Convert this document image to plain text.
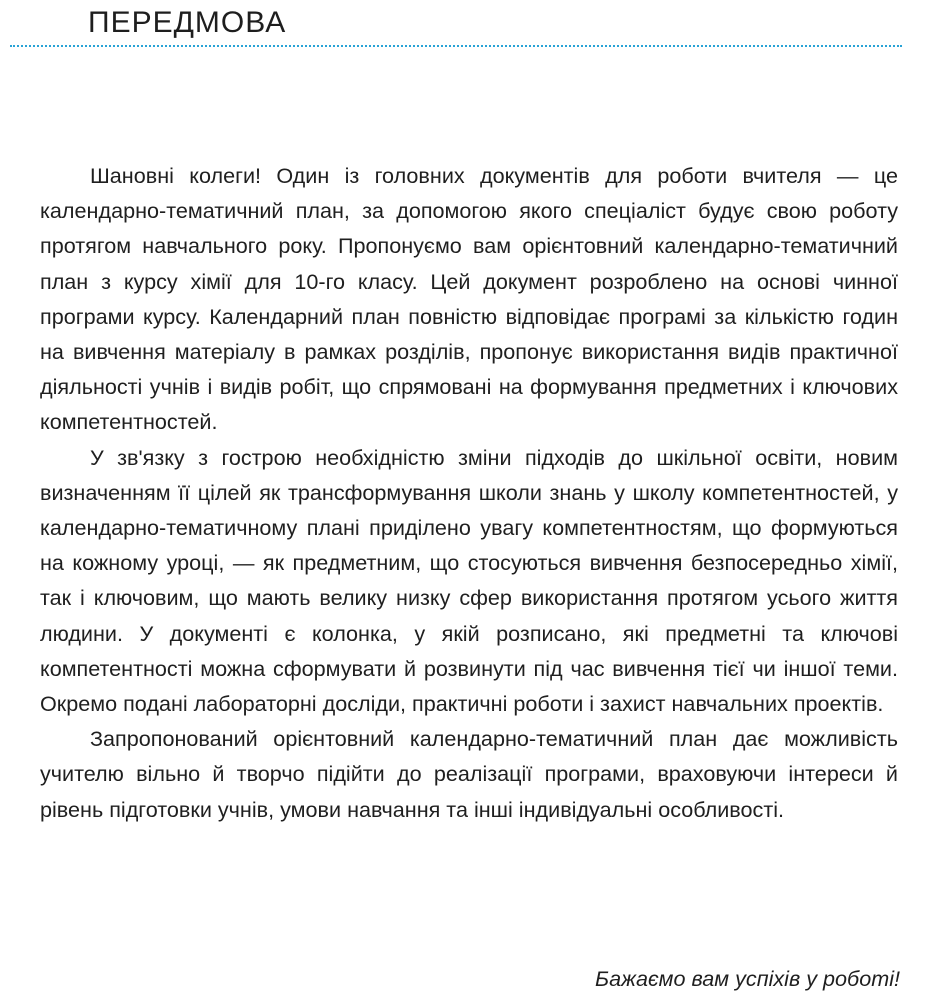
ПЕРЕДМОВА

Шановні колеги! Один із головних документів для роботи вчителя — це календарно-тематичний план, за допомогою якого спеціаліст будує свою роботу протягом навчального року. Пропонуємо вам орієнтовний календарно-тематичний план з курсу хімії для 10-го класу. Цей документ розроблено на основі чинної програми курсу. Календарний план повністю відповідає програмі за кількістю годин на вивчення матеріалу в рамках розділів, пропонує використання видів практичної діяльності учнів і видів робіт, що спрямовані на формування предметних і ключових компетентностей.

У зв'язку з гострою необхідністю зміни підходів до шкільної освіти, новим визначенням її цілей як трансформування школи знань у школу компетентностей, у календарно-тематичному плані приділено увагу компетентностям, що формуються на кожному уроці, — як предметним, що стосуються вивчення безпосередньо хімії, так і ключовим, що мають велику низку сфер використання протягом усього життя людини. У документі є колонка, у якій розписано, які предметні та ключові компетентності можна сформувати й розвинути під час вивчення тієї чи іншої теми. Окремо подані лабораторні досліди, практичні роботи і захист навчальних проектів.

Запропонований орієнтовний календарно-тематичний план дає можливість учителю вільно й творчо підійти до реалізації програми, враховуючи інтереси й рівень підготовки учнів, умови навчання та інші індивідуальні особливості.

Бажаємо вам успіхів у роботі!
